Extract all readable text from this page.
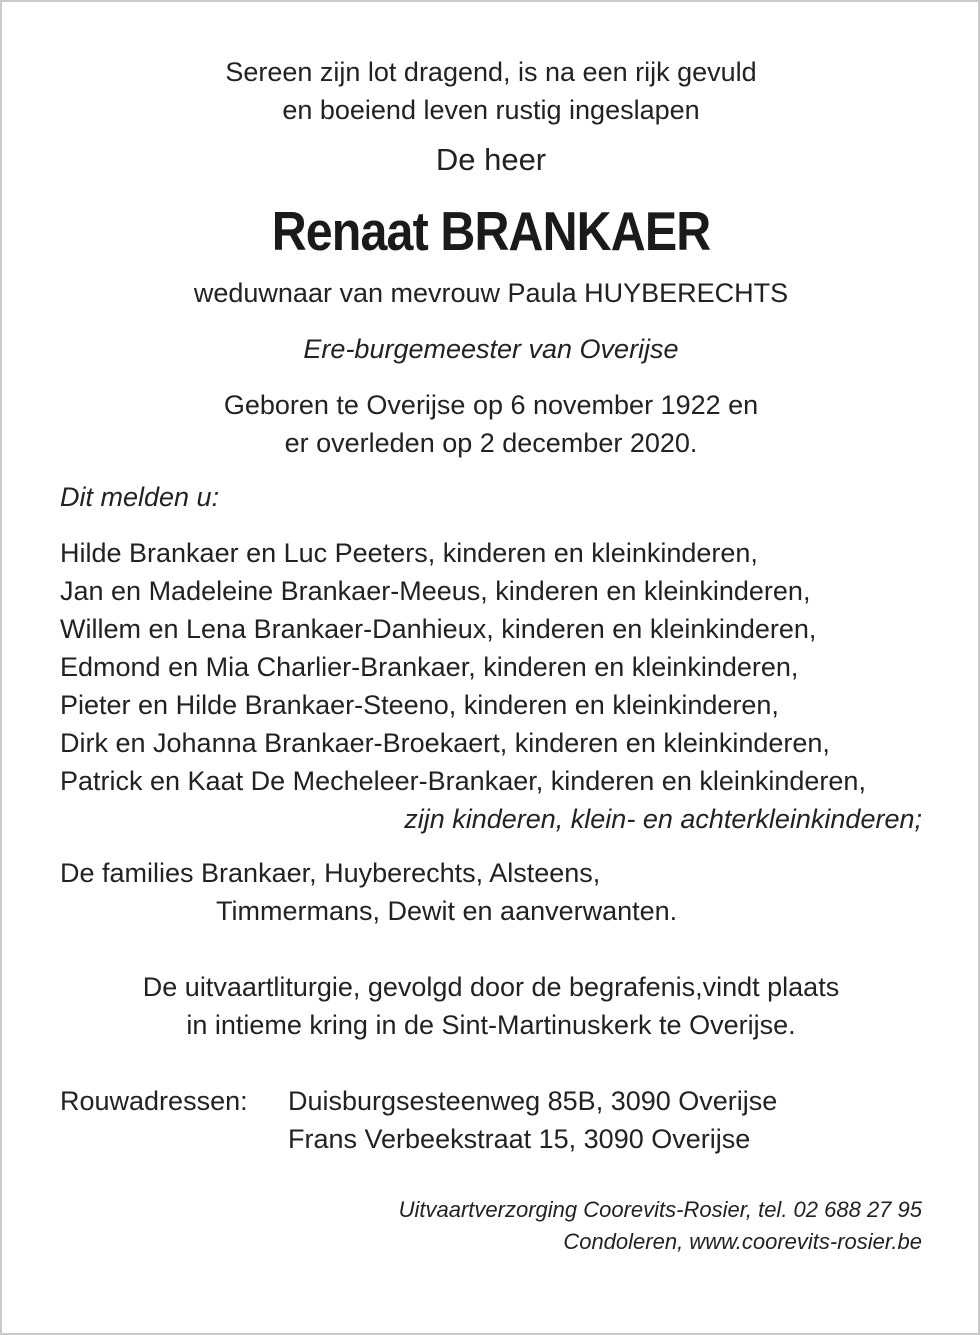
Sereen zijn lot dragend, is na een rijk gevuld
en boeiend leven rustig ingeslapen
De heer
Renaat BRANKAER
weduwnaar van mevrouw Paula HUYBERECHTS
Ere-burgemeester van Overijse
Geboren te Overijse op 6 november 1922 en
er overleden op 2 december 2020.
Dit melden u:
Hilde Brankaer en Luc Peeters, kinderen en kleinkinderen,
Jan en Madeleine Brankaer-Meeus, kinderen en kleinkinderen,
Willem en Lena Brankaer-Danhieux, kinderen en kleinkinderen,
Edmond en Mia Charlier-Brankaer, kinderen en kleinkinderen,
Pieter en Hilde Brankaer-Steeno, kinderen en kleinkinderen,
Dirk en Johanna Brankaer-Broekaert, kinderen en kleinkinderen,
Patrick en Kaat De Mecheleer-Brankaer, kinderen en kleinkinderen,
zijn kinderen, klein- en achterkleinkinderen;
De families Brankaer, Huyberechts, Alsteens,
Timmermans, Dewit en aanverwanten.
De uitvaartliturgie, gevolgd door de begrafenis,vindt plaats
in intieme kring in de Sint-Martinuskerk te Overijse.
Rouwadressen:	Duisburgsesteenweg 85B, 3090 Overijse
Frans Verbeekstraat 15, 3090 Overijse
Uitvaartverzorging Coorevits-Rosier, tel. 02 688 27 95
Condoleren, www.coorevits-rosier.be
